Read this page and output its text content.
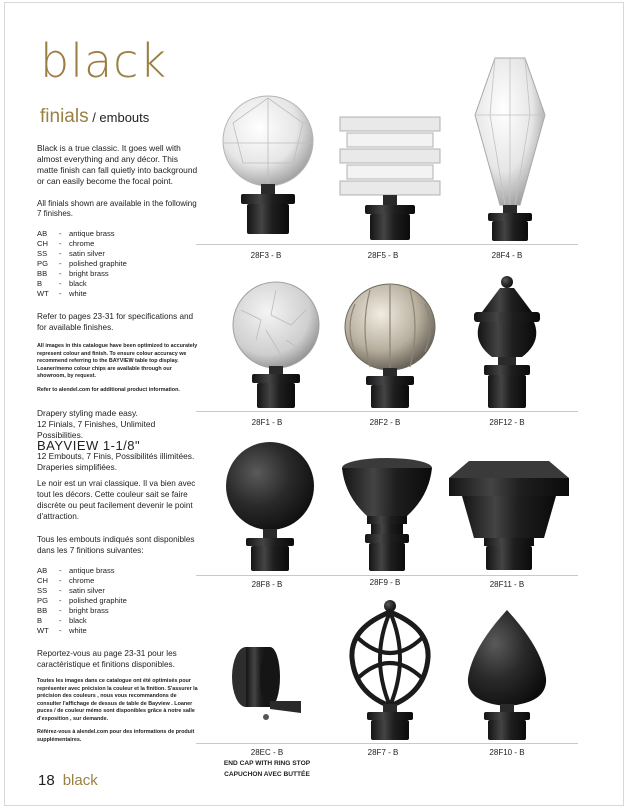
black
finials / embouts

Black is a true classic. It goes well with almost everything and any décor. This matte finish can fall quietly into background or can easily become the focal point.

All finials shown are available in the following 7 finishes.

AB	- antique brass
CH	- chrome
SS	- satin silver
PG	- polished graphite
BB	- bright brass
B	- black
WT	- white

Refer to pages 23-31 for specifications and for available finishes.

All images in this catalogue have been optimized to accurately represent colour and finish. To ensure colour accuracy we recommend referring to the BAYVIEW table top display. Loaner/memo colour chips are available through our showroom, by request.

Refer to alendel.com for additional product information.

Drapery styling made easy.

12 Finials, 7 Finishes, Unlimited Possibilities.

BAYVIEW 1-1/8"

12 Embouts, 7 Finis, Possibilités illimitées.

Draperies simplifiées.

Le noir est un vrai classique. Il va bien avec tout les décors. Cette couleur sait se faire discrète ou peut facilement devenir le point d'attraction.

Tous les embouts indiqués sont disponibles dans les 7 finitions suivantes:

AB	- antique brass
CH	- chrome
SS	- satin silver
PG	- polished graphite
BB	- bright brass
B	- black
WT	- white

Reportez-vous au page 23-31 pour les caractéristique et finitions disponibles.

Toutes les images dans ce catalogue ont été optimisés pour représenter avec précision la couleur et la finition. S'assurer la précision des couleurs , nous vous recommandons de consulter l'affichage de dessus de table de Bayview . Loaner puces / de couleur mémo sont disponibles grâce à notre salle d'exposition , sur demande.

Référez-vous à alendel.com pour des informations de produit supplémentaires.

28F3 - B	28F5 - B	28F4 - B
28F1 - B	28F2 - B	28F12 - B
28F8 - B	28F9 - B	28F11 - B
28EC - B	28F7 - B	28F10 - B
END CAP WITH RING STOP
CAPUCHON AVEC BUTTÉE
18 black
